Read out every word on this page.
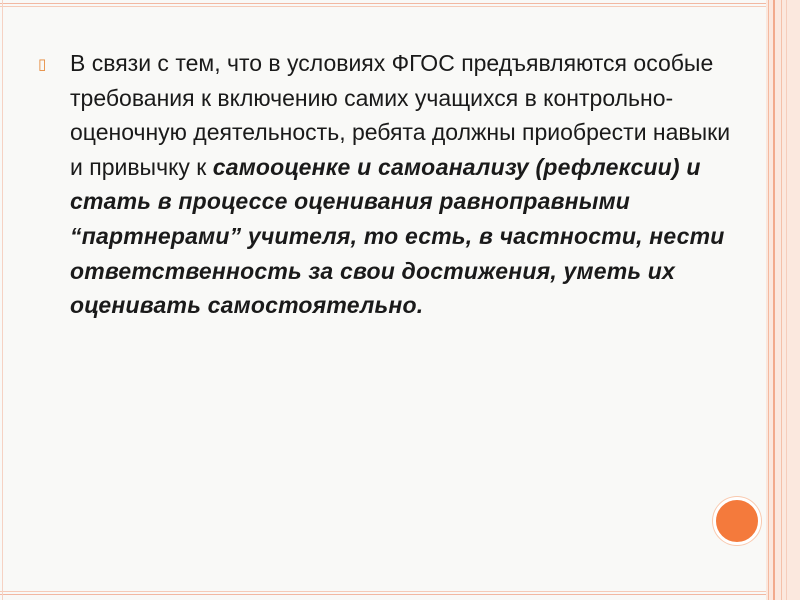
▯	В связи с тем, что в условиях ФГОС предъявляются особые требования к включению самих учащихся в контрольно-оценочную деятельность, ребята должны приобрести навыки и привычку к самооценке и самоанализу (рефлексии) и стать в процессе оценивания равноправными “партнерами” учителя, то есть, в частности, нести ответственность за свои достижения, уметь их оценивать самостоятельно.
